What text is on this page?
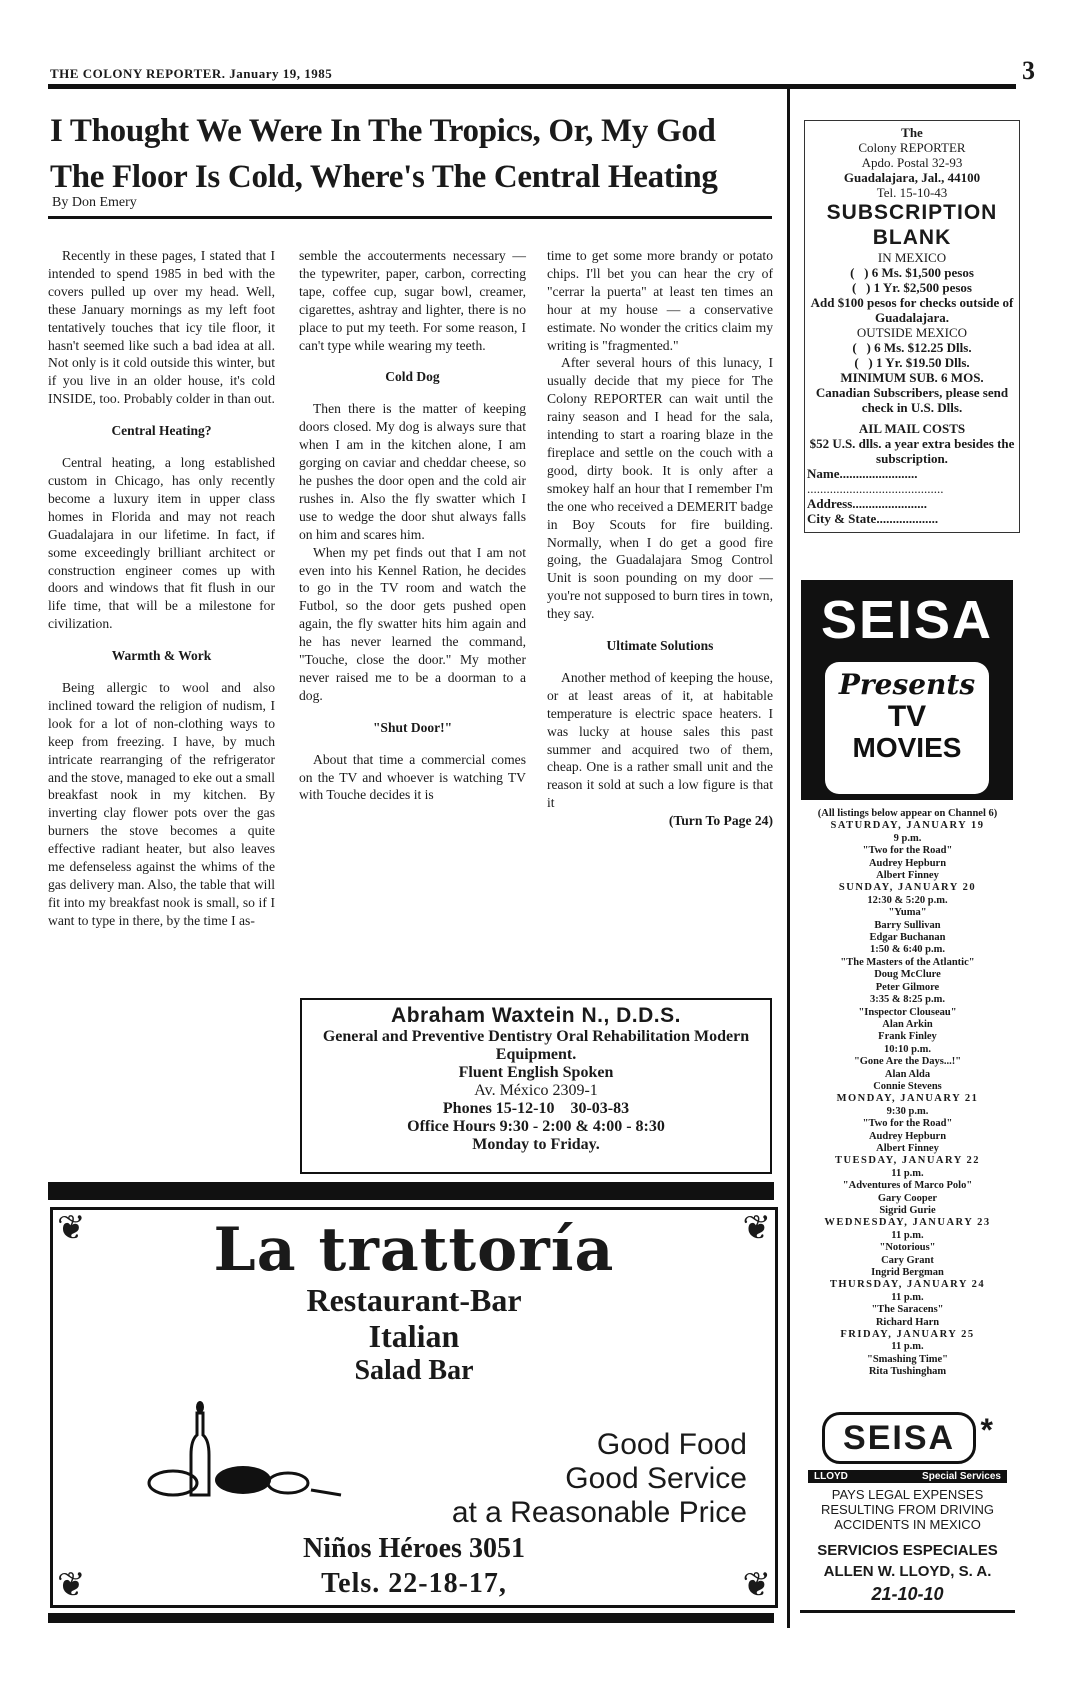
THE COLONY REPORTER. January 19, 1985	3
I Thought We Were In The Tropics, Or, My God
The Floor Is Cold, Where's The Central Heating
By Don Emery

Recently in these pages, I stated that I intended to spend 1985 in bed with the covers pulled up over my head. Well, these January mornings as my left foot tentatively touches that icy tile floor, it hasn't seemed like such a bad idea at all. Not only is it cold outside this winter, but if you live in an older house, it's cold INSIDE, too. Probably colder in than out.

Central Heating?

Central heating, a long established custom in Chicago, has only recently become a luxury item in upper class homes in Florida and may not reach Guadalajara in our lifetime. In fact, if some exceedingly brilliant architect or construction engineer comes up with doors and windows that fit flush in our life time, that will be a milestone for civilization.

Warmth & Work

Being allergic to wool and also inclined toward the religion of nudism, I look for a lot of non-clothing ways to keep from freezing. I have, by much intricate rearranging of the refrigerator and the stove, managed to eke out a small breakfast nook in my kitchen. By inverting clay flower pots over the gas burners the stove becomes a quite effective radiant heater, but also leaves me defenseless against the whims of the gas delivery man. Also, the table that will fit into my breakfast nook is small, so if I want to type in there, by the time I as-

semble the accouterments necessary — the typewriter, paper, carbon, correcting tape, coffee cup, sugar bowl, creamer, cigarettes, ashtray and lighter, there is no place to put my teeth. For some reason, I can't type while wearing my teeth.

Cold Dog

Then there is the matter of keeping doors closed. My dog is always sure that when I am in the kitchen alone, I am gorging on caviar and cheddar cheese, so he pushes the door open and the cold air rushes in. Also the fly swatter which I use to wedge the door shut always falls on him and scares him.

When my pet finds out that I am not even into his Kennel Ration, he decides to go in the TV room and watch the Futbol, so the door gets pushed open again, the fly swatter hits him again and he has never learned the command, "Touche, close the door." My mother never raised me to be a doorman to a dog.

"Shut Door!"

About that time a commercial comes on the TV and whoever is watching TV with Touche decides it is

time to get some more brandy or potato chips. I'll bet you can hear the cry of "cerrar la puerta" at least ten times an hour at my house — a conservative estimate. No wonder the critics claim my writing is "fragmented."

After several hours of this lunacy, I usually decide that my piece for The Colony REPORTER can wait until the rainy season and I head for the sala, intending to start a roaring blaze in the fireplace and settle on the couch with a good, dirty book. It is only after a smokey half an hour that I remember I'm the one who received a DEMERIT badge in Boy Scouts for fire building. Normally, when I do get a good fire going, the Guadalajara Smog Control Unit is soon pounding on my door — you're not supposed to burn tires in town, they say.

Ultimate Solutions

Another method of keeping the house, or at least areas of it, at habitable temperature is electric space heaters. I was lucky at house sales this past summer and acquired two of them, cheap. One is a rather small unit and the reason it sold at such a low figure is that it

(Turn To Page 24)
Abraham Waxtein N., D.D.S.
General and Preventive Dentistry Oral Rehabilitation Modern Equipment.
Fluent English Spoken
Av. México 2309-1
Phones 15-12-10    30-03-83
Office Hours 9:30 - 2:00 & 4:00 - 8:30
Monday to Friday.
❦	❦
❦	❦
La trattoría
Restaurant-Bar
Italian
Salad Bar
Good Food
Good Service
at a Reasonable Price
Niños Héroes 3051
Tels. 22-18-17,
The
Colony REPORTER
Apdo. Postal 32-93
Guadalajara, Jal., 44100
Tel. 15-10-43
SUBSCRIPTION
BLANK
IN MEXICO
(   ) 6 Ms. $1,500 pesos
(   ) 1 Yr. $2,500 pesos
Add $100 pesos for checks outside of Guadalajara.
OUTSIDE MEXICO
(   ) 6 Ms. $12.25 Dlls.
(   ) 1 Yr. $19.50 Dlls.
MINIMUM SUB. 6 MOS.
Canadian Subscribers, please send check in U.S. Dlls.
AIL MAIL COSTS
$52 U.S. dlls. a year extra besides the subscription.
Name........................
..........................................
Address.......................
City & State...................
SEISA
Presents
TV
MOVIES
(All listings below appear on Channel 6)
SATURDAY, JANUARY 19
9 p.m.
"Two for the Road"
Audrey Hepburn
Albert Finney
SUNDAY, JANUARY 20
12:30 & 5:20 p.m.
"Yuma"
Barry Sullivan
Edgar Buchanan
1:50 & 6:40 p.m.
"The Masters of the Atlantic"
Doug McClure
Peter Gilmore
3:35 & 8:25 p.m.
"Inspector Clouseau"
Alan Arkin
Frank Finley
10:10 p.m.
"Gone Are the Days...!"
Alan Alda
Connie Stevens
MONDAY, JANUARY 21
9:30 p.m.
"Two for the Road"
Audrey Hepburn
Albert Finney
TUESDAY, JANUARY 22
11 p.m.
"Adventures of Marco Polo"
Gary Cooper
Sigrid Gurie
WEDNESDAY, JANUARY 23
11 p.m.
"Notorious"
Cary Grant
Ingrid Bergman
THURSDAY, JANUARY 24
11 p.m.
"The Saracens"
Richard Harn
FRIDAY, JANUARY 25
11 p.m.
"Smashing Time"
Rita Tushingham
SEISA *
LLOYD	Special Services
PAYS LEGAL EXPENSES
RESULTING FROM DRIVING
ACCIDENTS IN MEXICO
SERVICIOS ESPECIALES
ALLEN W. LLOYD, S. A.
21-10-10
